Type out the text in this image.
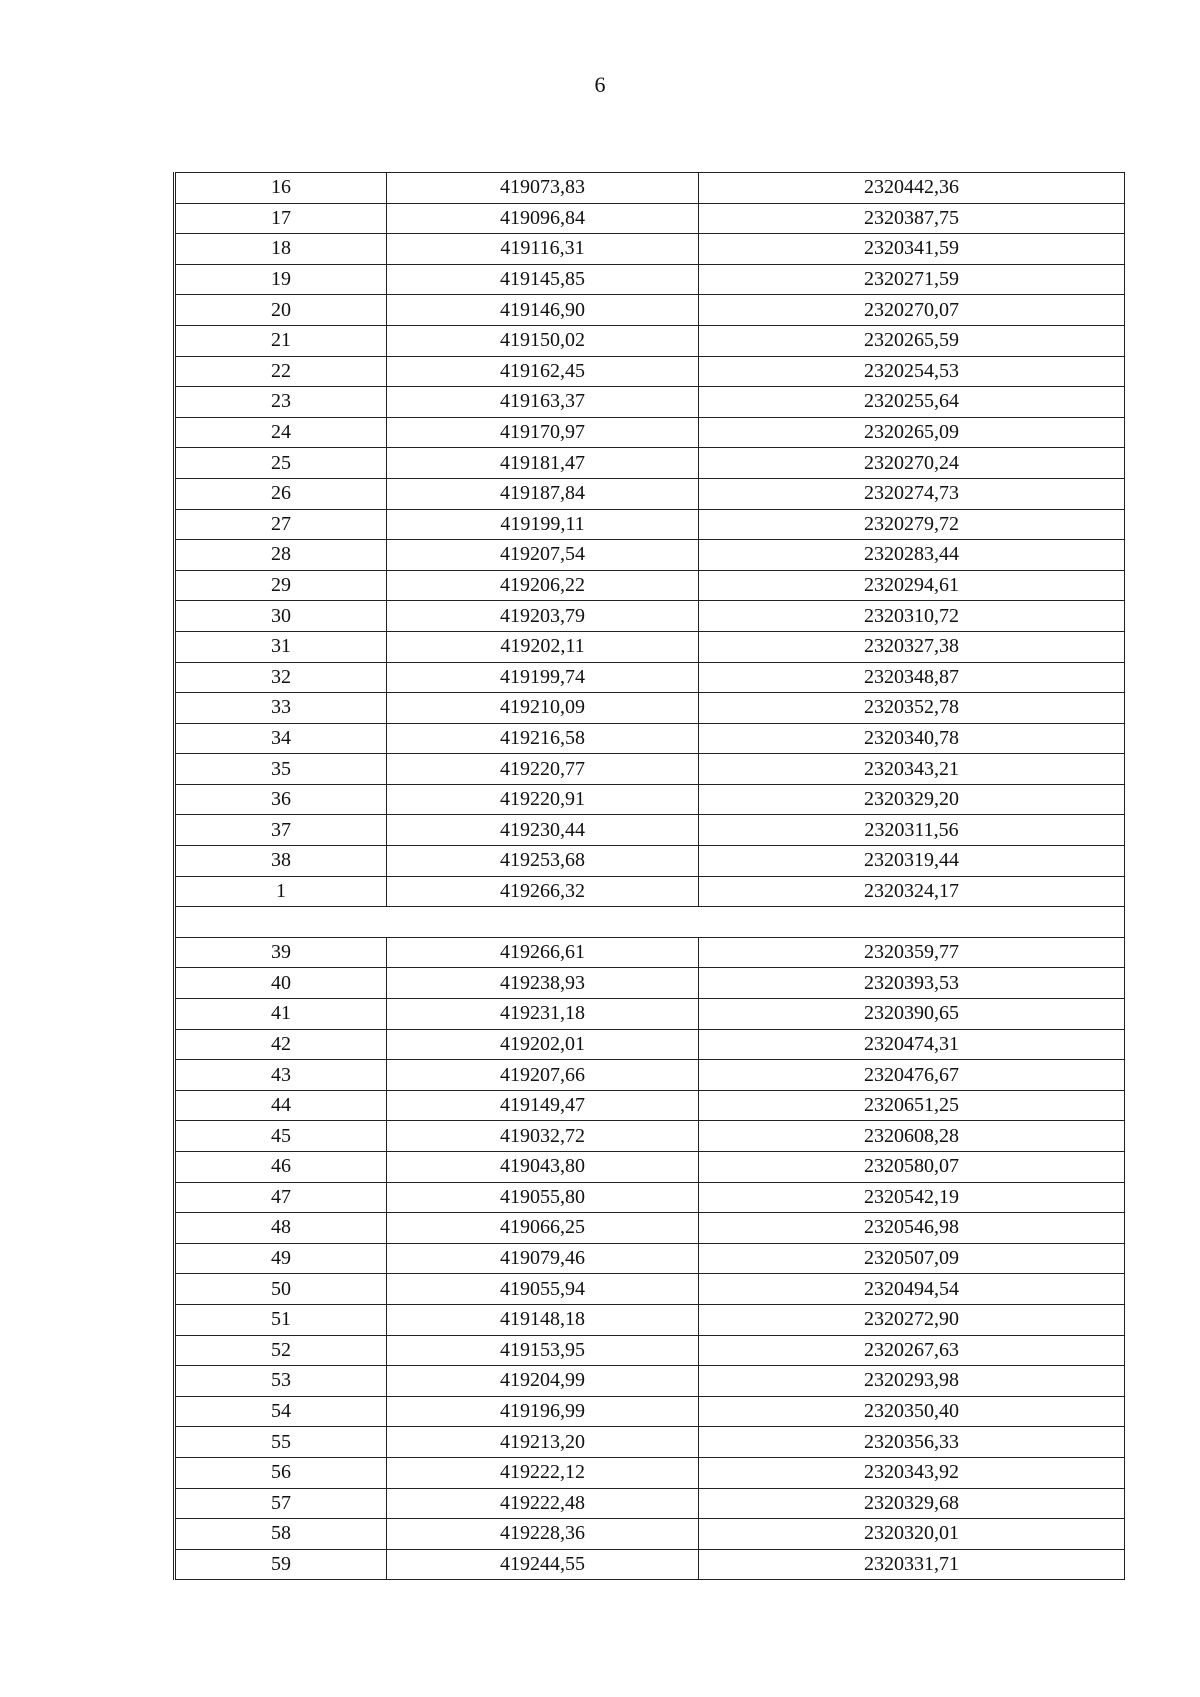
6
16	419073,83	2320442,36
17	419096,84	2320387,75
18	419116,31	2320341,59
19	419145,85	2320271,59
20	419146,90	2320270,07
21	419150,02	2320265,59
22	419162,45	2320254,53
23	419163,37	2320255,64
24	419170,97	2320265,09
25	419181,47	2320270,24
26	419187,84	2320274,73
27	419199,11	2320279,72
28	419207,54	2320283,44
29	419206,22	2320294,61
30	419203,79	2320310,72
31	419202,11	2320327,38
32	419199,74	2320348,87
33	419210,09	2320352,78
34	419216,58	2320340,78
35	419220,77	2320343,21
36	419220,91	2320329,20
37	419230,44	2320311,56
38	419253,68	2320319,44
1	419266,32	2320324,17

39	419266,61	2320359,77
40	419238,93	2320393,53
41	419231,18	2320390,65
42	419202,01	2320474,31
43	419207,66	2320476,67
44	419149,47	2320651,25
45	419032,72	2320608,28
46	419043,80	2320580,07
47	419055,80	2320542,19
48	419066,25	2320546,98
49	419079,46	2320507,09
50	419055,94	2320494,54
51	419148,18	2320272,90
52	419153,95	2320267,63
53	419204,99	2320293,98
54	419196,99	2320350,40
55	419213,20	2320356,33
56	419222,12	2320343,92
57	419222,48	2320329,68
58	419228,36	2320320,01
59	419244,55	2320331,71
